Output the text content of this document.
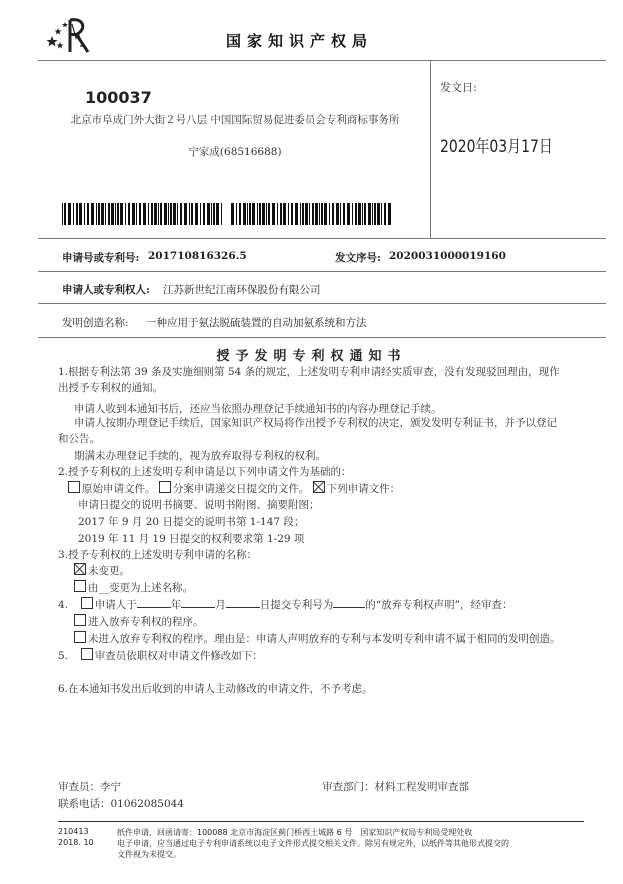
国家知识产权局
100037
北京市阜成门外大街２号八层 中国国际贸易促进委员会专利商标事务所
宁家成(68516688)
发文日:
2020年03月17日
申请号或专利号: 201710816326.5	发文序号: 2020031000019160
申请人或专利权人: 江苏新世纪江南环保股份有限公司
发明创造名称: 一种应用于氨法脱硫装置的自动加氨系统和方法
授予发明专利权通知书
1.根据专利法第 39 条及实施细则第 54 条的规定，上述发明专利申请经实质审查，没有发现驳回理由，现作
出授予专利权的通知。
申请人收到本通知书后，还应当依照办理登记手续通知书的内容办理登记手续。
申请人按期办理登记手续后，国家知识产权局将作出授予专利权的决定，颁发发明专利证书，并予以登记
和公告。
期满未办理登记手续的，视为放弃取得专利权的权利。
2.授予专利权的上述发明专利申请是以下列申请文件为基础的：
原始申请文件。 分案申请递交日提交的文件。 下列申请文件：
申请日提交的说明书摘要、说明书附图、摘要附图；
2017 年 9 月 20 日提交的说明书第 1-147 段；
2019 年 11 月 19 日提交的权利要求第 1-29 项
3.授予专利权的上述发明专利申请的名称：
未变更。
由__变更为上述名称。
4.	申请人于	年	月	日提交专利号为	的“放弃专利权声明”，经审查：
进入放弃专利权的程序。
未进入放弃专利权的程序。理由是：申请人声明放弃的专利与本发明专利申请不属于相同的发明创造。
5.	审查员依职权对申请文件修改如下：
6.在本通知书发出后收到的申请人主动修改的申请文件，不予考虑。
审查员：李宁	审查部门：材料工程发明审查部
联系电话：01062085044
210413
2018. 10
纸件申请，回函请寄：100088 北京市海淀区蓟门桥西土城路 6 号　国家知识产权局专利局受理处收
电子申请，应当通过电子专利申请系统以电子文件形式提交相关文件。除另有规定外，以纸件等其他形式提交的
文件视为未提交。
